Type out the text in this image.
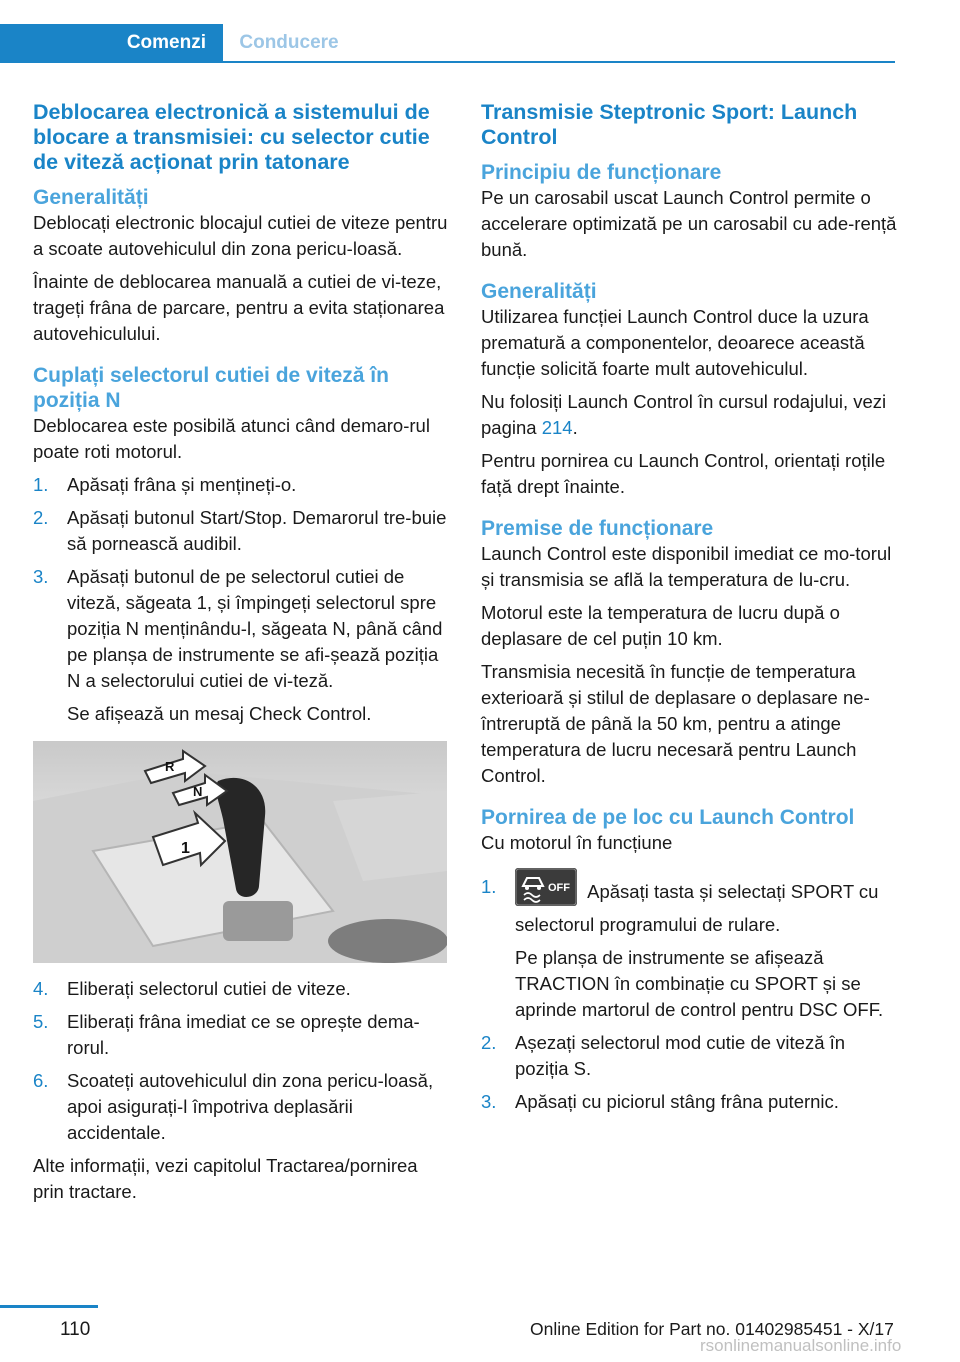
Comenzi	Conducere
Deblocarea electronică a sistemului de blocare a transmisiei: cu selector cutie de viteză acționat prin tatonare
Generalități

Deblocați electronic blocajul cutiei de viteze pentru a scoate autovehiculul din zona pericu‐loasă.

Înainte de deblocarea manuală a cutiei de vi‐teze, trageți frâna de parcare, pentru a evita staționarea autovehiculului.

Cuplați selectorul cutiei de viteză în poziția N

Deblocarea este posibilă atunci când demaro‐rul poate roti motorul.

1. Apăsați frâna și mențineți-o.
2. Apăsați butonul Start/Stop. Demarorul tre‐buie să pornească audibil.
3. Apăsați butonul de pe selectorul cutiei de viteză, săgeata 1, și împingeți selectorul spre poziția N menținându-l, săgeata N, până când pe planșa de instrumente se afi‐șează poziția N a selectorului cutiei de vi‐teză.
Se afișează un mesaj Check Control.
R
N
1
4. Eliberați selectorul cutiei de viteze.
5. Eliberați frâna imediat ce se oprește dema‐rorul.
6. Scoateți autovehiculul din zona pericu‐loasă, apoi asigurați-l împotriva deplasării accidentale.

Alte informații, vezi capitolul Tractarea/pornirea prin tractare.

Transmisie Steptronic Sport: Launch Control
Principiu de funcționare

Pe un carosabil uscat Launch Control permite o accelerare optimizată pe un carosabil cu ade‐rență bună.

Generalități

Utilizarea funcției Launch Control duce la uzura prematură a componentelor, deoarece această funcție solicită foarte mult autovehiculul.

Nu folosiți Launch Control în cursul rodajului, vezi pagina 214.

Pentru pornirea cu Launch Control, orientați roțile față drept înainte.

Premise de funcționare

Launch Control este disponibil imediat ce mo‐torul și transmisia se află la temperatura de lu‐cru.

Motorul este la temperatura de lucru după o deplasare de cel puțin 10 km.

Transmisia necesită în funcție de temperatura exterioară și stilul de deplasare o deplasare ne‐întreruptă de până la 50 km, pentru a atinge temperatura de lucru necesară pentru Launch Control.

Pornirea de pe loc cu Launch Control

Cu motorul în funcțiune

1.	OFF Apăsați tasta și selectați SPORT cu selectorul programului de rulare.
Pe planșa de instrumente se afișează TRACTION în combinație cu SPORT și se aprinde martorul de control pentru DSC OFF.
2. Așezați selectorul mod cutie de viteză în poziția S.
3. Apăsați cu piciorul stâng frâna puternic.
110	Online Edition for Part no. 01402985451 - X/17
rsonlinemanualsonline.info
